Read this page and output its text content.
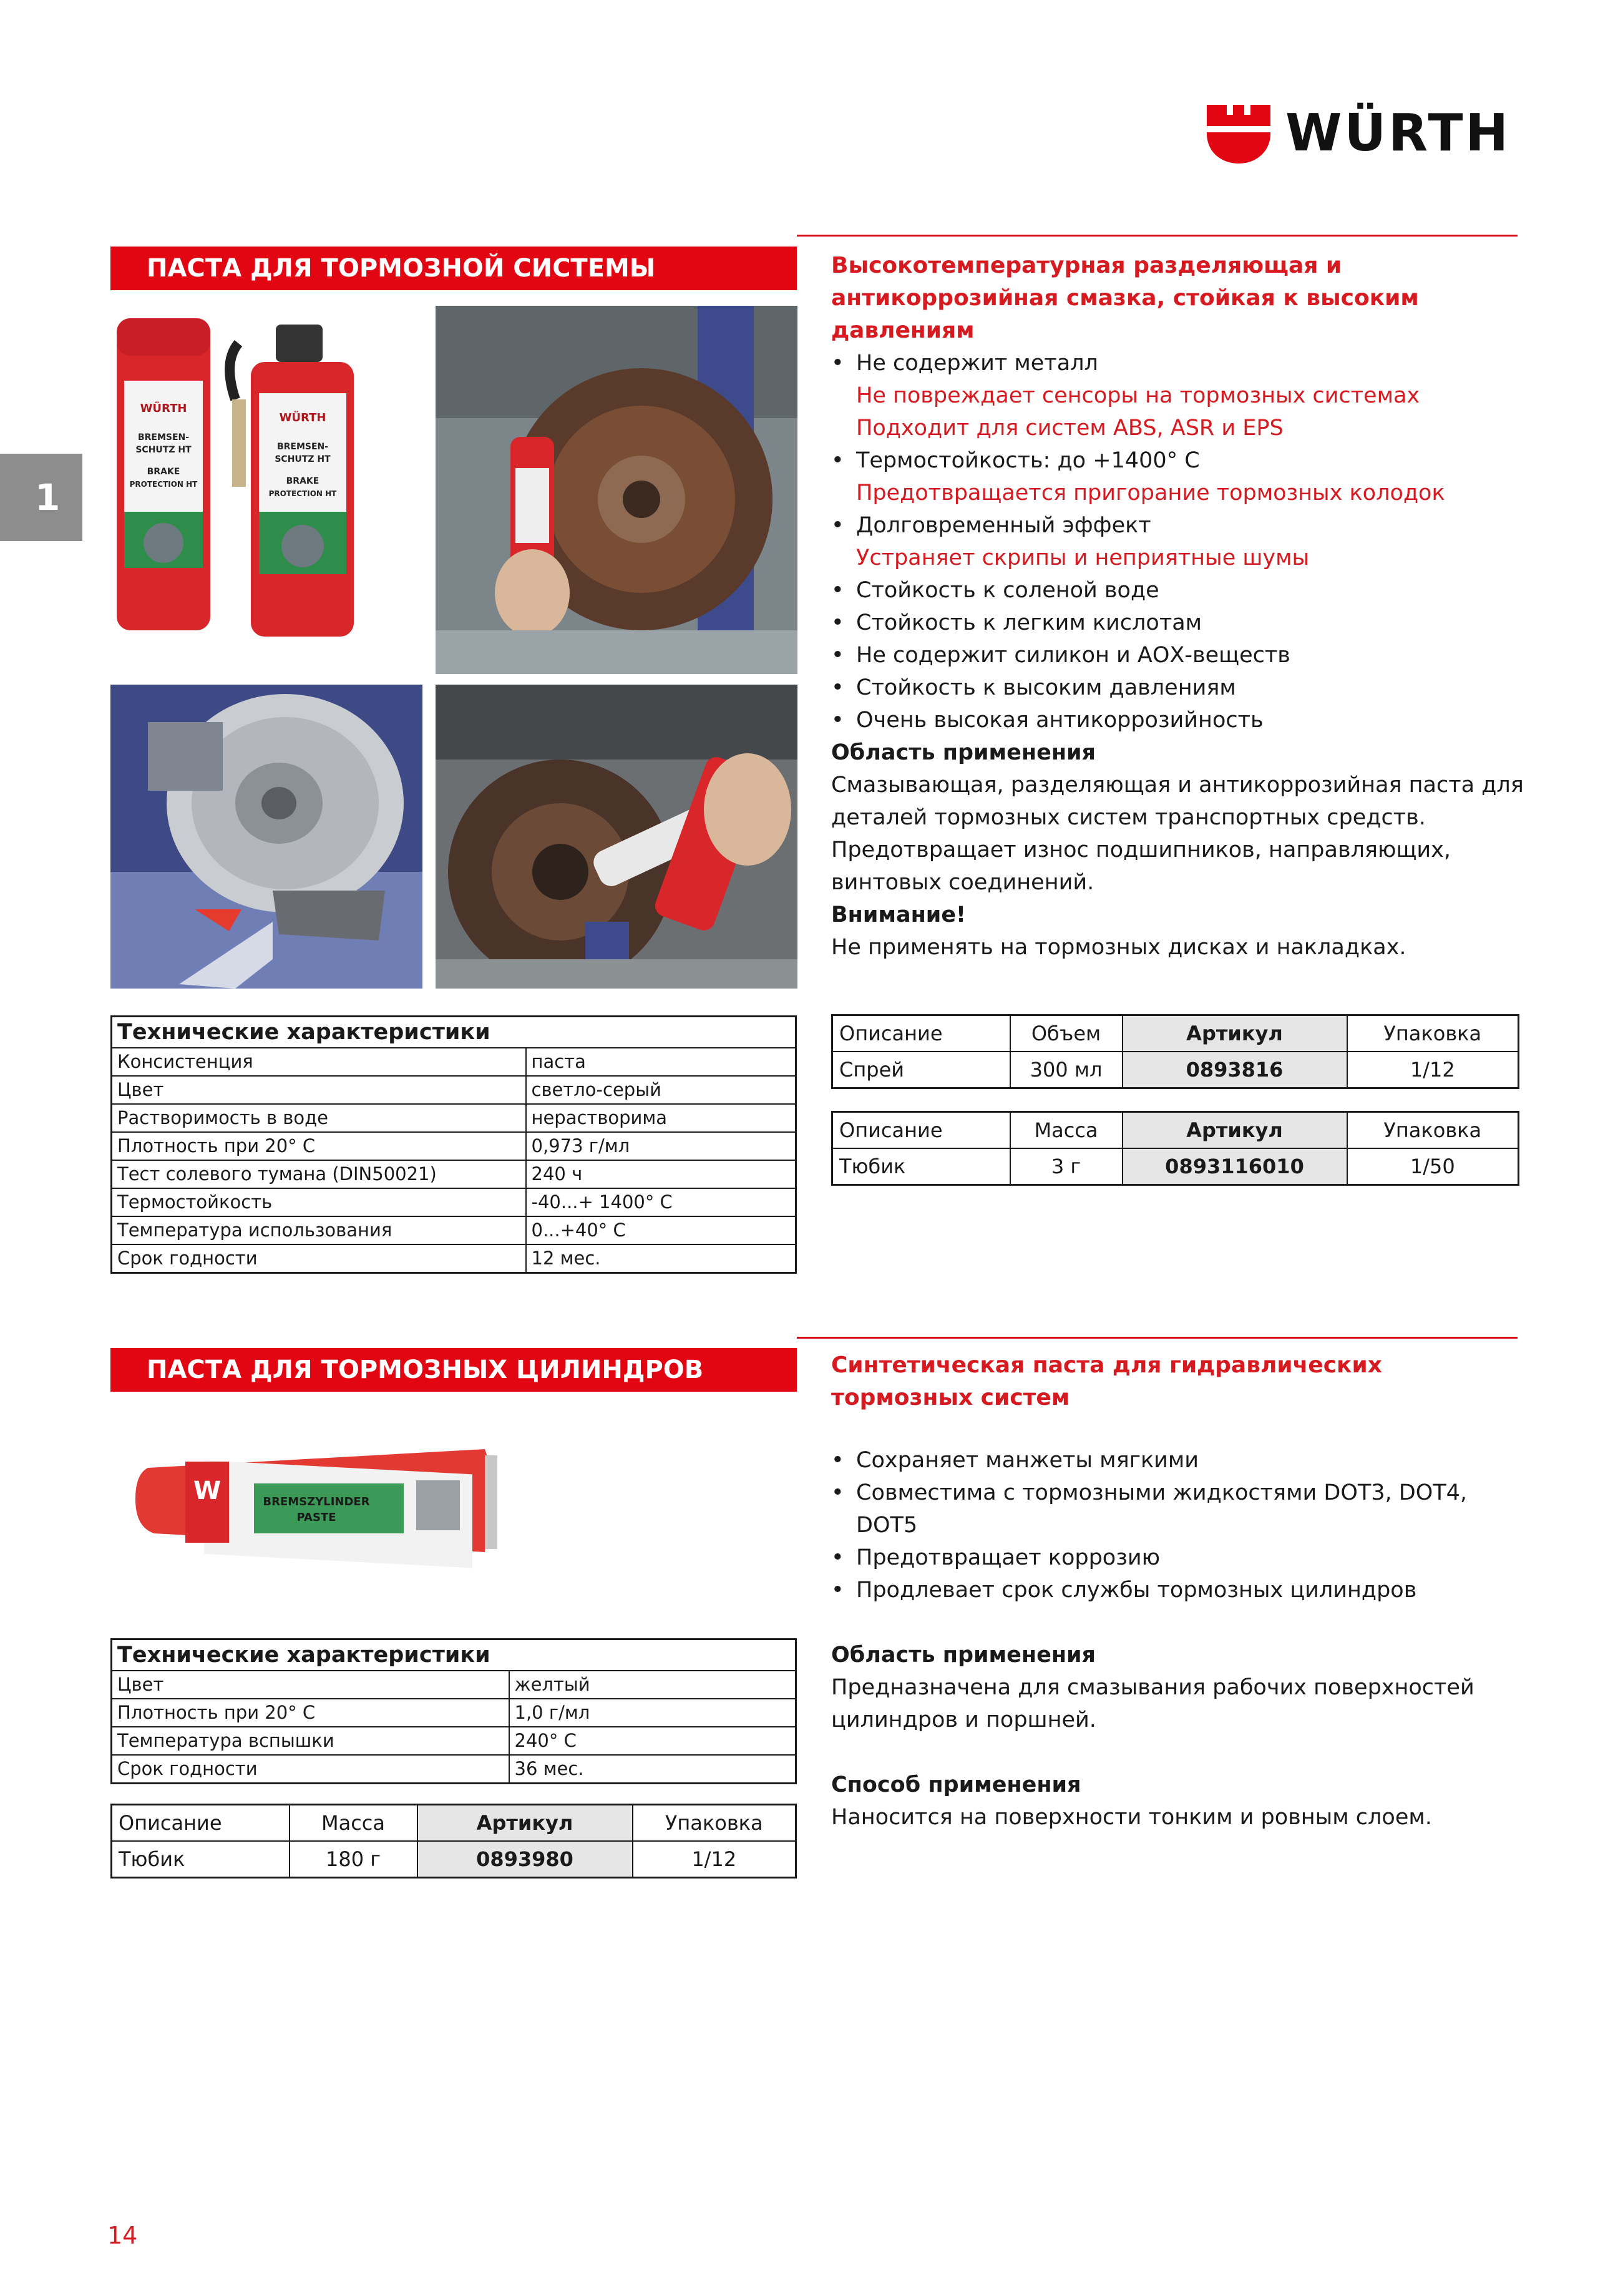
WÜRTH
1
ПАСТА ДЛЯ ТОРМОЗНОЙ СИСТЕМЫ
WÜRTH
BREMSEN-
SCHUTZ HT
BRAKE
PROTECTION HT
WÜRTH
BREMSEN-
SCHUTZ HT
BRAKE
PROTECTION HT

Высокотемпературная разделяющая и антикоррозийная смазка, стойкая к высоким давлениям

• Не содержит металл

Не повреждает сенсоры на тормозных системах

Подходит для систем ABS, ASR и EPS

• Термостойкость: до +1400° С

Предотвращается пригорание тормозных колодок

• Долговременный эффект

Устраняет скрипы и неприятные шумы

• Стойкость к соленой воде

• Стойкость к легким кислотам

• Не содержит силикон и АОХ-веществ

• Стойкость к высоким давлениям

• Очень высокая антикоррозийность

Область применения

Смазывающая, разделяющая и антикоррозийная паста для деталей тормозных систем транспортных средств. Предотвращает износ подшипников, направляющих, винтовых соединений.

Внимание!

Не применять на тормозных дисках и накладках.

Технические характеристики	
Консистенция	паста
Цвет	светло-серый
Растворимость в воде	нерастворима
Плотность при 20° С	0,973 г/мл
Тест солевого тумана (DIN50021)	240 ч
Термостойкость	-40...+ 1400° С
Температура использования	0...+40° С
Срок годности	12 мес.
Описание	Объем	Артикул	Упаковка
Спрей	300 мл	0893816	1/12
Описание	Масса	Артикул	Упаковка
Тюбик	3 г	0893116010	1/50
ПАСТА ДЛЯ ТОРМОЗНЫХ ЦИЛИНДРОВ
W	BREMSZYLINDER
PASTE

Синтетическая паста для гидравлических тормозных систем

• Сохраняет манжеты мягкими

• Совместима с тормозными жидкостями DOT3, DOT4, DOT5

• Предотвращает коррозию

• Продлевает срок службы тормозных цилиндров

Область применения

Предназначена для смазывания рабочих поверхностей цилиндров и поршней.

Способ применения

Наносится на поверхности тонким и ровным слоем.

Технические характеристики	
Цвет	желтый
Плотность при 20° С	1,0 г/мл
Температура вспышки	240° С
Срок годности	36 мес.
Описание	Масса	Артикул	Упаковка
Тюбик	180 г	0893980	1/12
14
